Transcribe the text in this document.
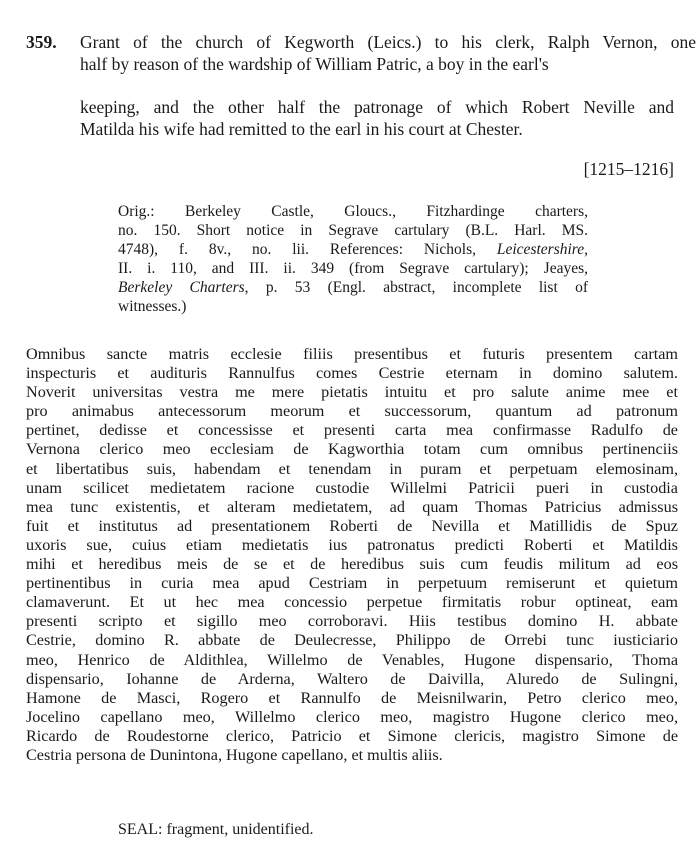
359. Grant of the church of Kegworth (Leics.) to his clerk, Ralph Vernon, one
half by reason of the wardship of William Patric, a boy in the earl's
keeping, and the other half the patronage of which Robert Neville and
Matilda his wife had remitted to the earl in his court at Chester.
[1215–1216]
Orig.: Berkeley Castle, Gloucs., Fitzhardinge charters,
no. 150. Short notice in Segrave cartulary (B.L. Harl. MS.
4748), f. 8v., no. lii. References: Nichols, Leicestershire,
II. i. 110, and III. ii. 349 (from Segrave cartulary); Jeayes,
Berkeley Charters, p. 53 (Engl. abstract, incomplete list of
witnesses.)
Omnibus sancte matris ecclesie filiis presentibus et futuris presentem cartam
inspecturis et audituris Rannulfus comes Cestrie eternam in domino salutem.
Noverit universitas vestra me mere pietatis intuitu et pro salute anime mee et
pro animabus antecessorum meorum et successorum, quantum ad patronum
pertinet, dedisse et concessisse et presenti carta mea confirmasse Radulfo de
Vernona clerico meo ecclesiam de Kagworthia totam cum omnibus pertinenciis
et libertatibus suis, habendam et tenendam in puram et perpetuam elemosinam,
unam scilicet medietatem racione custodie Willelmi Patricii pueri in custodia
mea tunc existentis, et alteram medietatem, ad quam Thomas Patricius admissus
fuit et institutus ad presentationem Roberti de Nevilla et Matillidis de Spuz
uxoris sue, cuius etiam medietatis ius patronatus predicti Roberti et Matildis
mihi et heredibus meis de se et de heredibus suis cum feudis militum ad eos
pertinentibus in curia mea apud Cestriam in perpetuum remiserunt et quietum
clamaverunt. Et ut hec mea concessio perpetue firmitatis robur optineat, eam
presenti scripto et sigillo meo corroboravi. Hiis testibus domino H. abbate
Cestrie, domino R. abbate de Deulecresse, Philippo de Orrebi tunc iusticiario
meo, Henrico de Aldithlea, Willelmo de Venables, Hugone dispensario, Thoma
dispensario, Iohanne de Arderna, Waltero de Daivilla, Aluredo de Sulingni,
Hamone de Masci, Rogero et Rannulfo de Meisnilwarin, Petro clerico meo,
Jocelino capellano meo, Willelmo clerico meo, magistro Hugone clerico meo,
Ricardo de Roudestorne clerico, Patricio et Simone clericis, magistro Simone de
Cestria persona de Dunintona, Hugone capellano, et multis aliis.
SEAL: fragment, unidentified.
